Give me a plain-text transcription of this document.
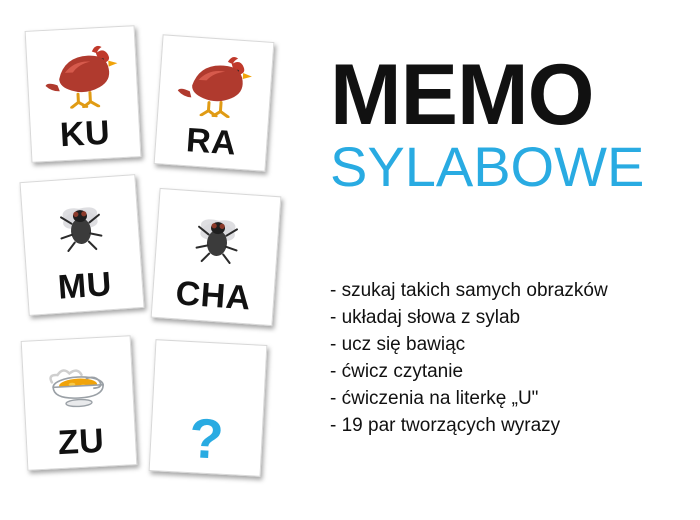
KU RA
MU CHA
ZU ?
MEMO
SYLABOWE
- szukaj takich samych obrazków
- układaj słowa z sylab
- ucz się bawiąc
- ćwicz czytanie
- ćwiczenia na literkę „U"
- 19 par tworzących wyrazy
